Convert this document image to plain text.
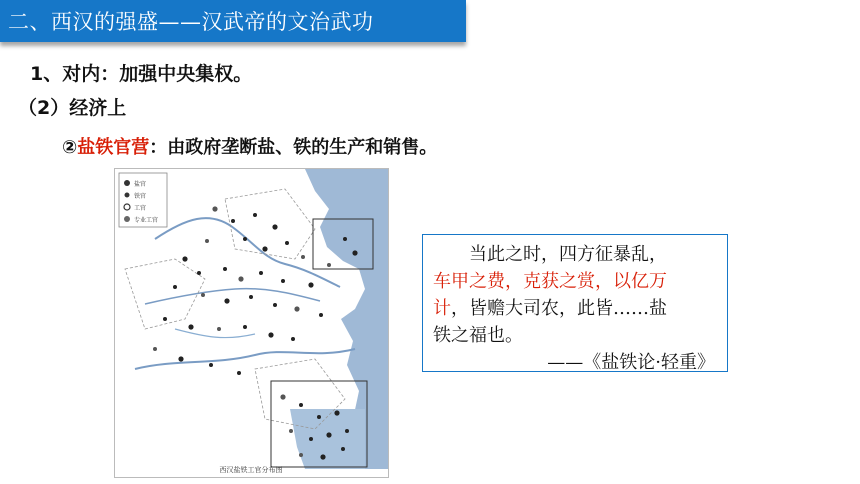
二、西汉的强盛——汉武帝的文治武功
1、对内：加强中央集权。
（2）经济上
②盐铁官营：由政府垄断盐、铁的生产和销售。
盐官
铁官
工官
专业工官
西汉盐铁工官分布图
当此之时，四方征暴乱，
车甲之费，克获之赏，以亿万
计，皆赡大司农，此皆……盐
铁之福也。
——《盐铁论·轻重》
